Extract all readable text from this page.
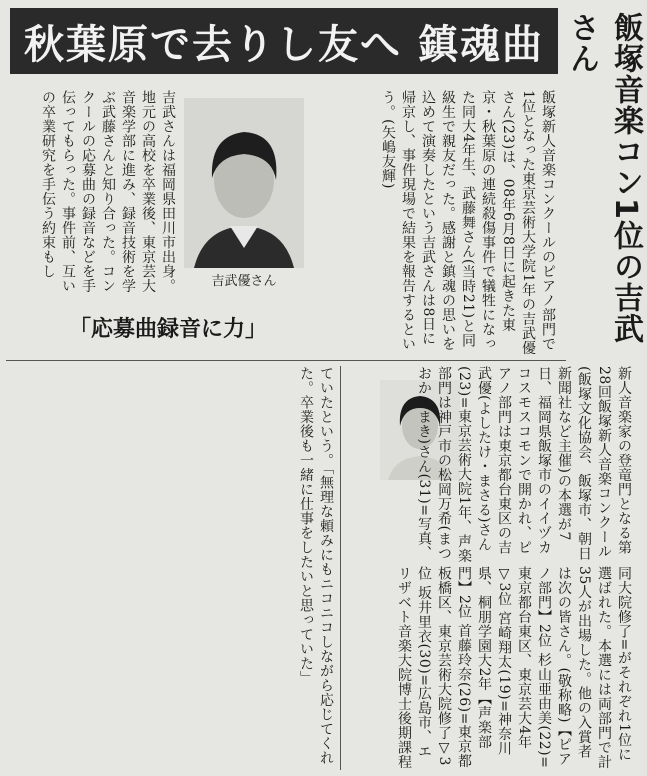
秋葉原で去りし友へ 鎮魂曲	飯塚音楽コン1位の吉武さん
飯塚新人音楽コンクールのピアノ部門で1位となった東京芸術大学院1年の吉武優さん(23)は、08年6月8日に起きた東京・秋葉原の連続殺傷事件で犠牲になった同大4年生、武藤舞さん(当時21)と同級生で親友だった。感謝と鎮魂の思いを込めて演奏したという吉武さんは8日に帰京し、事件現場で結果を報告するという。(矢嶋友輝)
吉武優さん
吉武さんは福岡県田川市出身。地元の高校を卒業後、東京芸大音楽学部に進み、録音技術を学ぶ武藤さんと知り合った。コンクールの応募曲の録音などを手伝ってもらった。事件前、互いの卒業研究を手伝う約束もし
「応募曲録音に力」
ていたという。「無理な頼みにもニコニコしながら応じてくれた。卒業後も一緒に仕事をしたいと思っていた」	新人音楽家の登竜門となる第28回飯塚新人音楽コンクール(飯塚文化協会、飯塚市、朝日新聞社など主催)の本選が7日、福岡県飯塚市のイイヅカコスモスコモンで開かれ、ピアノ部門は東京都台東区の吉武優(よしたけ・まさる)さん(23)=東京芸術大院1年、声楽部門は神戸市の松岡万希(まつおか・まき)さん(31)=写真、
同大院修了=がそれぞれ1位に選ばれた。本選には両部門で計35人が出場した。他の入賞者は次の皆さん。(敬称略)【ピアノ部門】2位 杉山亜由美(22)=東京都台東区、東京芸大4年▽3位 宮崎翔太(19)=神奈川県、桐朋学園大2年【声楽部門】2位 首藤玲奈(26)=東京都板橋区、東京芸術大院修了▽3位 坂井里衣(30)=広島市、エリザベト音楽大院博士後期課程
